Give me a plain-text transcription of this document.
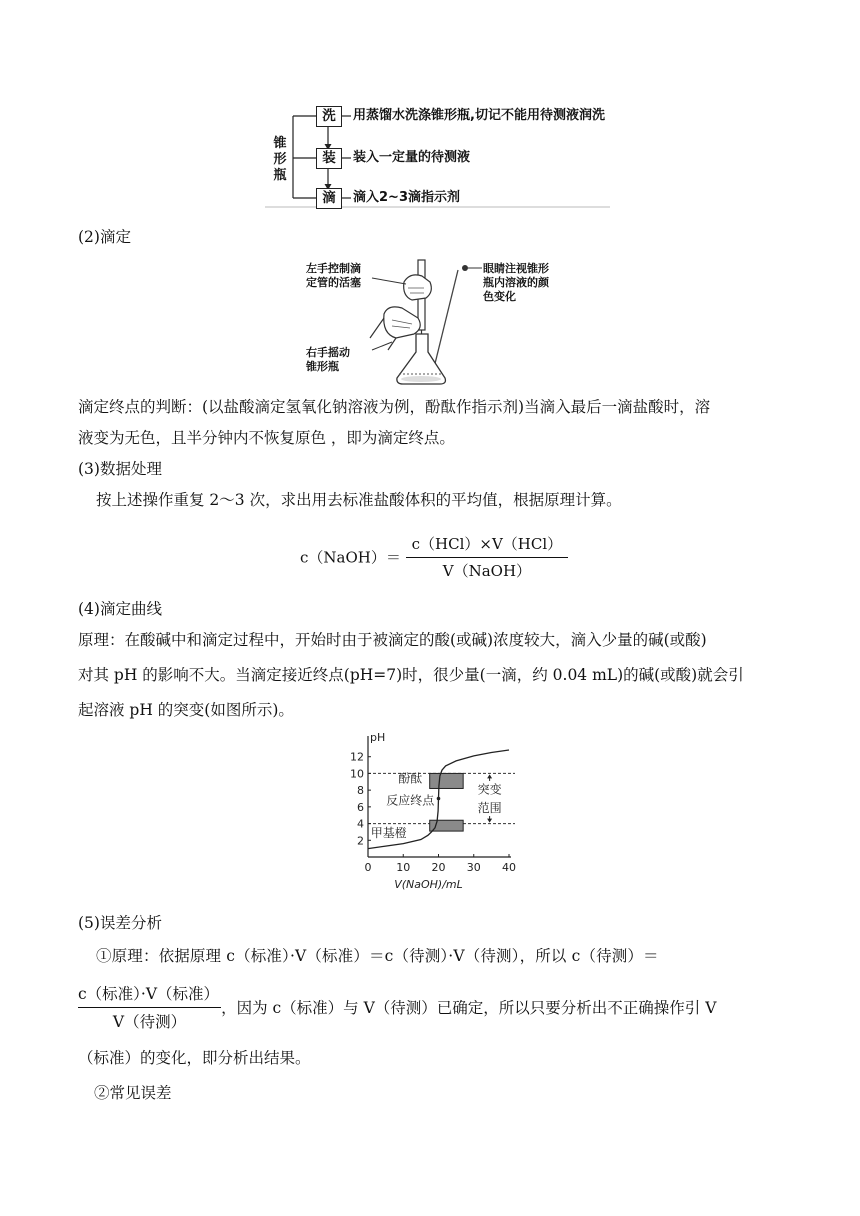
锥
形
瓶
洗
装
滴
用蒸馏水洗涤锥形瓶,切记不能用待测液润洗
装入一定量的待测液
滴入2~3滴指示剂
(2)滴定
左手控制滴
定管的活塞
右手摇动
锥形瓶
眼睛注视锥形
瓶内溶液的颜
色变化
滴定终点的判断：(以盐酸滴定氢氧化钠溶液为例，酚酞作指示剂)当滴入最后一滴盐酸时，溶
液变为无色，且半分钟内不恢复原色 ，即为滴定终点。
(3)数据处理
按上述操作重复 2～3 次，求出用去标准盐酸体积的平均值，根据原理计算。
c（NaOH）＝ $\frac{\text{c（HCl）×V（HCl）}}{\text{V（NaOH）}}$
(4)滴定曲线
原理：在酸碱中和滴定过程中，开始时由于被滴定的酸(或碱)浓度较大，滴入少量的碱(或酸)
对其 pH 的影响不大。当滴定接近终点(pH=7)时，很少量(一滴，约 0.04 mL)的碱(或酸)就会引
起溶液 pH 的突变(如图所示)。
2
4
6
8
10
12
0 10 20 30 40
pH
V(NaOH)/mL
酚酞
反应终点
甲基橙
突变
范围
(5)误差分析
①原理：依据原理 c（标准）·V（标准）＝c（待测）·V（待测），所以 c（待测）＝
$\frac{\text{c（标准）·V（标准）}}{\text{V（待测）}}$ ，因为 c（标准）与 V（待测）已确定，所以只要分析出不正确操作引 V
（标准）的变化，即分析出结果。
②常见误差
